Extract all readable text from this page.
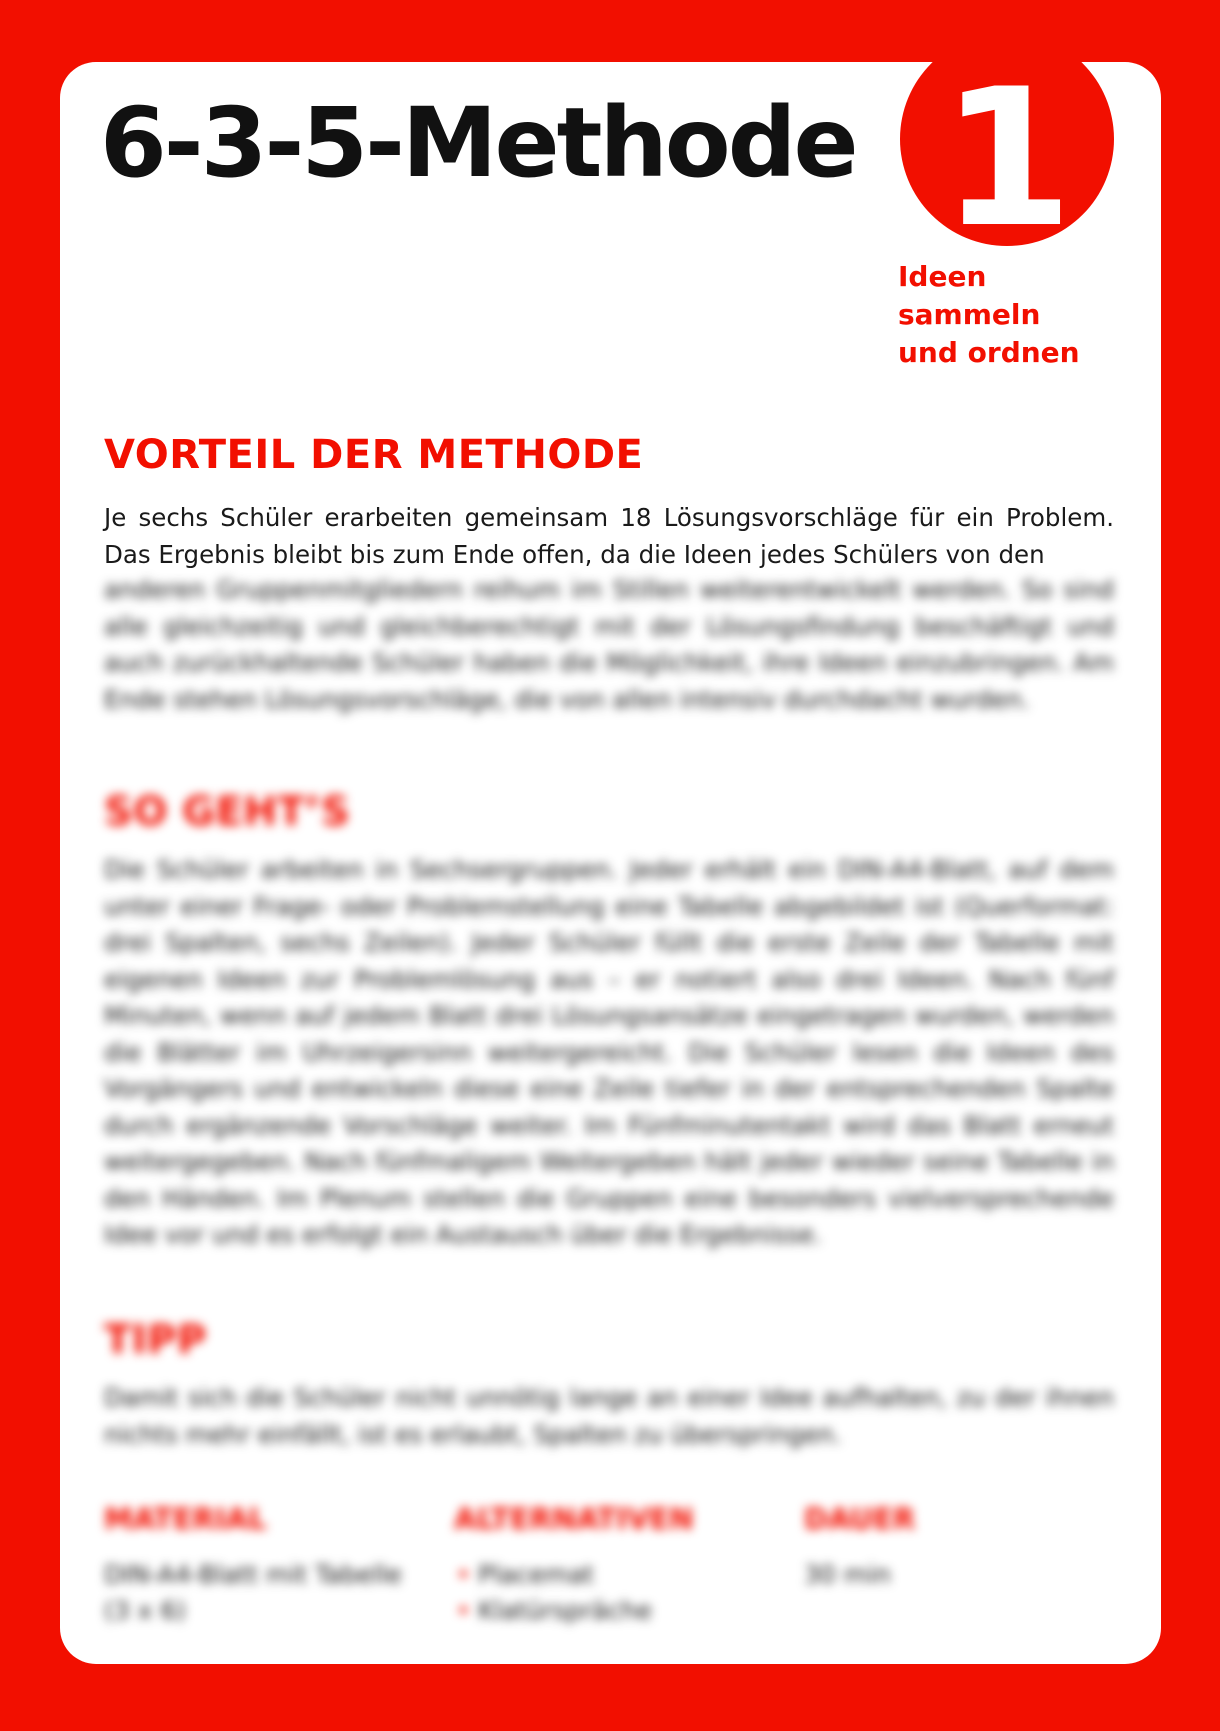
6-3-5-Methode 1
Ideen
sammeln
und ordnen
VORTEIL DER METHODE

Je sechs Schüler erarbeiten gemeinsam 18 Lösungsvorschläge für ein Problem. Das Ergebnis bleibt bis zum Ende offen, da die Ideen jedes Schülers von den

anderen Gruppenmitgliedern reihum im Stillen weiterentwickelt werden. So sind alle gleichzeitig und gleichberechtigt mit der Lösungsfindung beschäftigt und auch zurückhaltende Schüler haben die Möglichkeit, ihre Ideen einzubringen. Am Ende stehen Lösungsvorschläge, die von allen intensiv durchdacht wurden.

SO GEHT’S

Die Schüler arbeiten in Sechsergruppen. Jeder erhält ein DIN-A4-Blatt, auf dem unter einer Frage- oder Problemstellung eine Tabelle abgebildet ist (Querformat: drei Spalten, sechs Zeilen). Jeder Schüler füllt die erste Zeile der Tabelle mit eigenen Ideen zur Problemlösung aus – er notiert also drei Ideen. Nach fünf Minuten, wenn auf jedem Blatt drei Lösungsansätze eingetragen wurden, werden die Blätter im Uhrzeigersinn weitergereicht. Die Schüler lesen die Ideen des Vorgängers und entwickeln diese eine Zeile tiefer in der entsprechenden Spalte durch ergänzende Vorschläge weiter. Im Fünfminutentakt wird das Blatt erneut weitergegeben. Nach fünfmaligem Weitergeben hält jeder wieder seine Tabelle in den Händen. Im Plenum stellen die Gruppen eine besonders vielversprechende Idee vor und es erfolgt ein Austausch über die Ergebnisse.

TIPP

Damit sich die Schüler nicht unnötig lange an einer Idee aufhalten, zu der ihnen nichts mehr einfällt, ist es erlaubt, Spalten zu überspringen.

MATERIAL

DIN-A4-Blatt mit Tabelle (3 x 6)

ALTERNATIVEN
• Placemat
• Klatürspräche
DAUER

30 min
